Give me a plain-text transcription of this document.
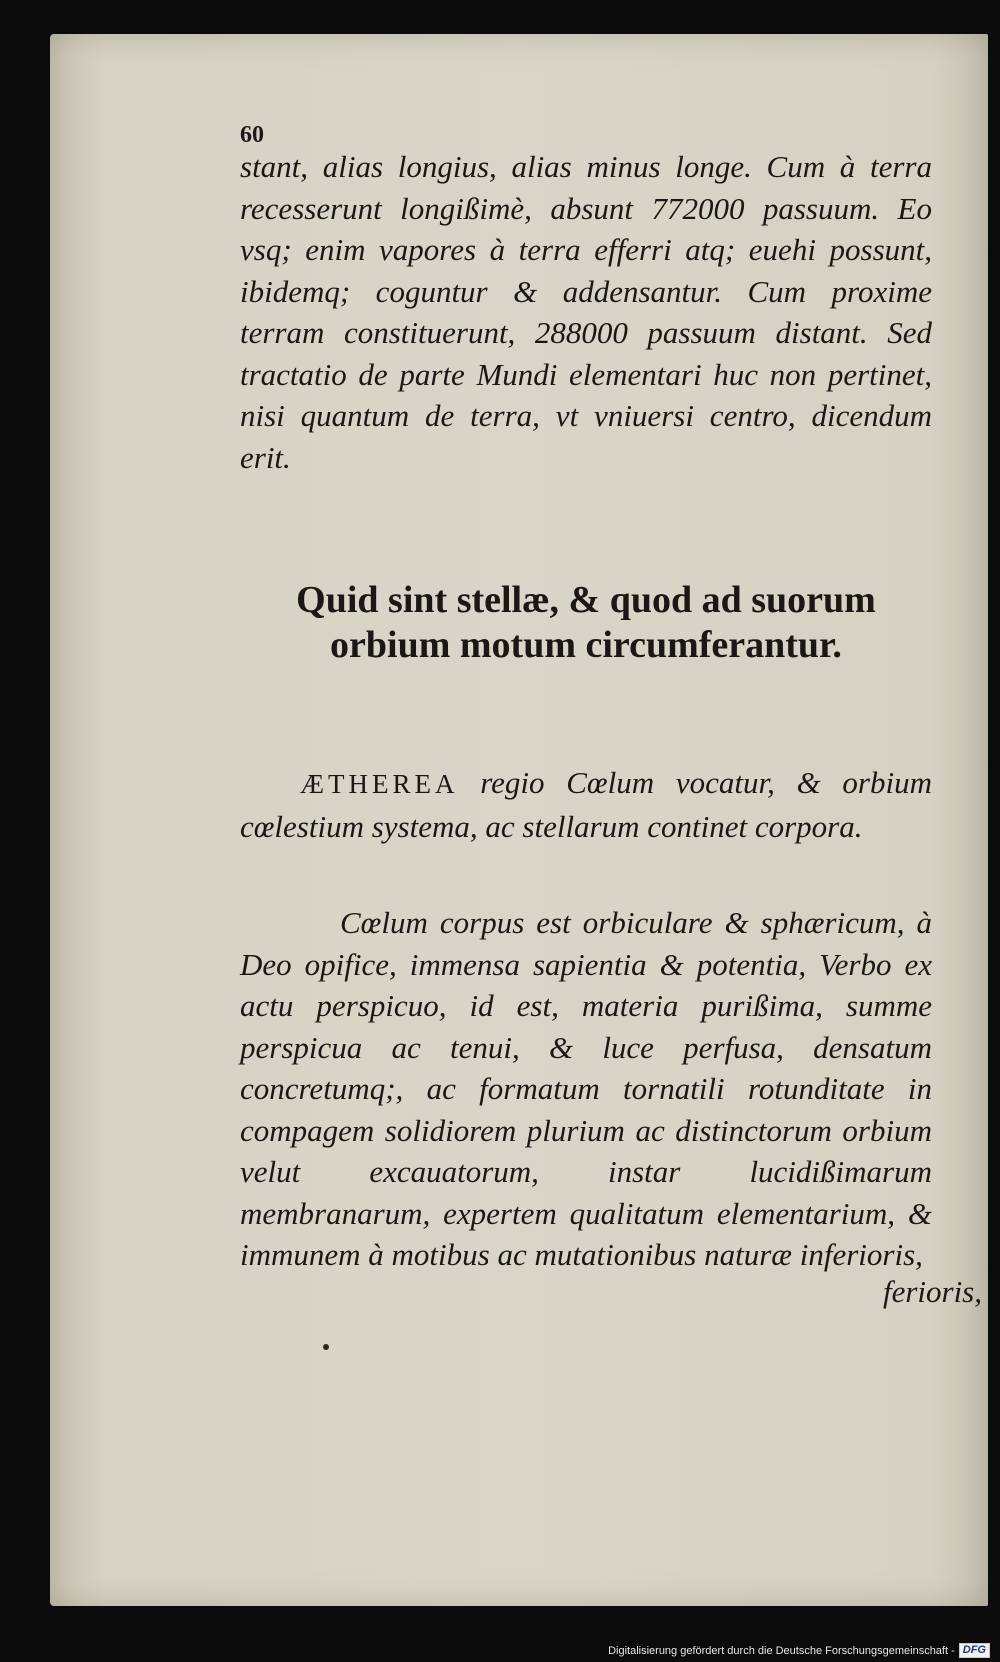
60

stant, alias longius, alias minus longe. Cum à terra recesserunt longißimè, absunt 772000 passuum. Eo vsq; enim vapores à terra efferri atq; euehi possunt, ibidemq; coguntur & addensantur. Cum proxime terram constituerunt, 288000 passuum distant. Sed tractatio de parte Mundi elementari huc non pertinet, nisi quantum de terra, vt vniuersi centro, dicendum erit.

Quid sint stellæ, & quod ad suorum orbium motum circumferantur.

ÆTHEREA regio Cœlum vocatur, & orbium cœlestium systema, ac stellarum continet corpora.

Cœlum corpus est orbiculare & sphæricum, à Deo opifice, immensa sapientia & potentia, Verbo ex actu perspicuo, id est, materia purißima, summe perspicua ac tenui, & luce perfusa, densatum concretumq;, ac formatum tornatili rotunditate in compagem solidiorem plurium ac distinctorum orbium velut excauatorum, instar lucidißimarum membranarum, expertem qualitatum elementarium, & immunem à motibus ac mutationibus naturæ inferioris,

ferioris,
Digitalisierung gefördert durch die Deutsche Forschungsgemeinschaft - DFG
